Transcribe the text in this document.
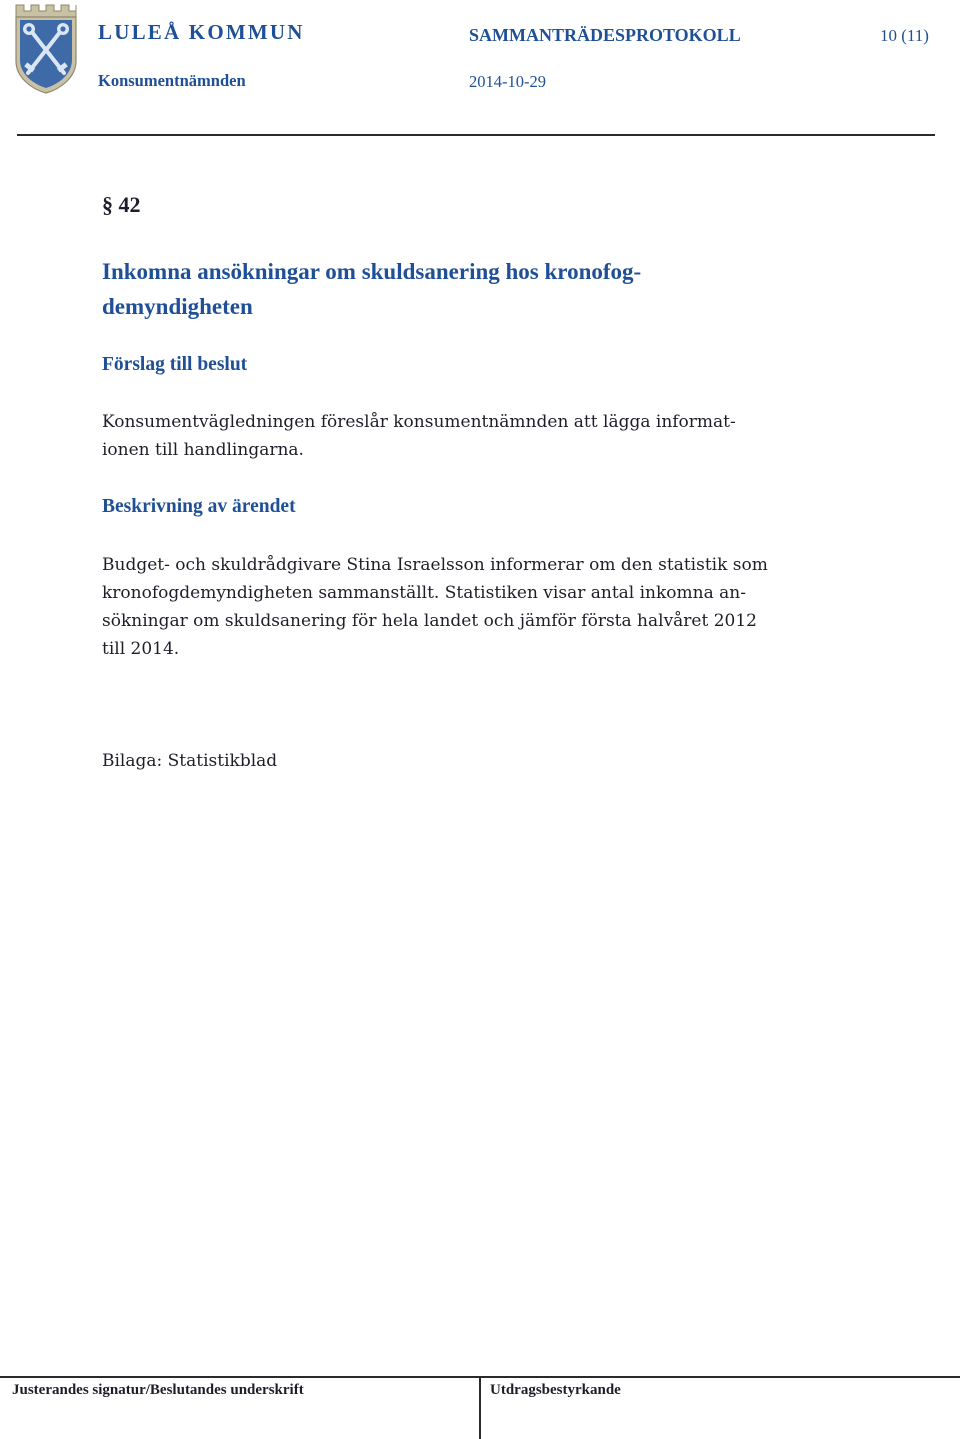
LULEÅ KOMMUN
Konsumentnämnden
SAMMANTRÄDESPROTOKOLL	10 (11)
2014-10-29
§ 42
Inkomna ansökningar om skuldsanering hos kronofog-
demyndigheten
Förslag till beslut
Konsumentvägledningen föreslår konsumentnämnden att lägga informat-
ionen till handlingarna.
Beskrivning av ärendet
Budget- och skuldrådgivare Stina Israelsson informerar om den statistik som
kronofogdemyndigheten sammanställt. Statistiken visar antal inkomna an-
sökningar om skuldsanering för hela landet och jämför första halvåret 2012
till 2014.
Bilaga: Statistikblad
Justerandes signatur/Beslutandes underskrift	Utdragsbestyrkande
